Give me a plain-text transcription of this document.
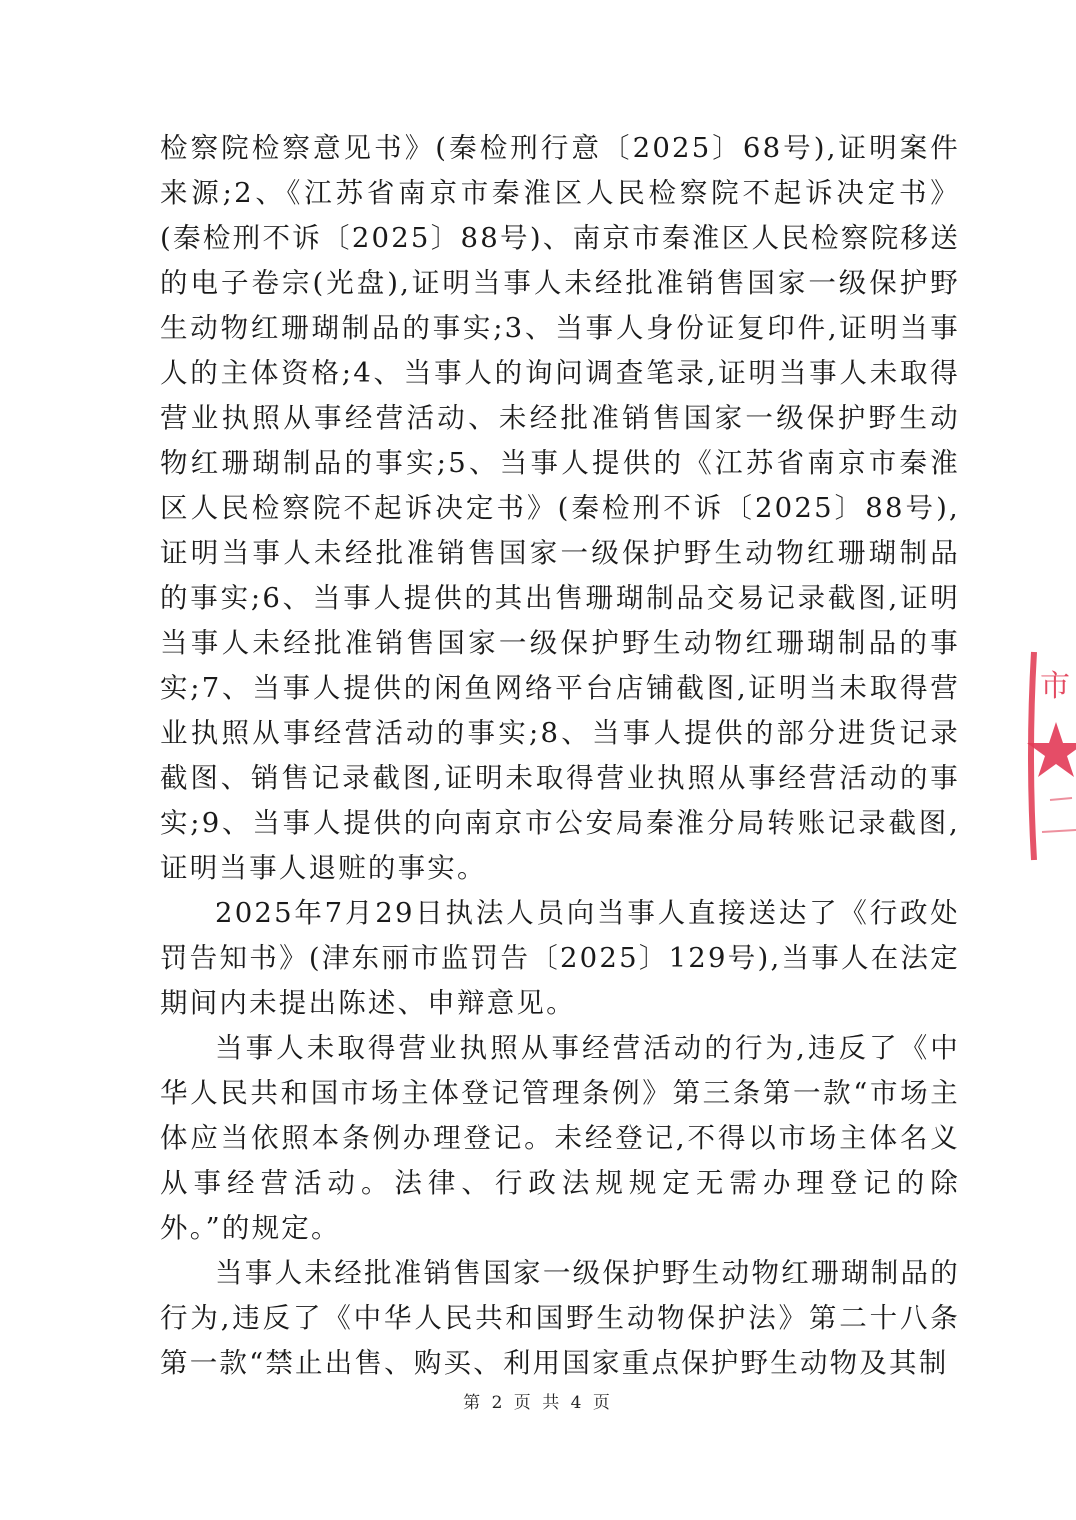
检察院检察意见书》(秦检刑行意〔2025〕68号),证明案件来源;2、《江苏省南京市秦淮区人民检察院不起诉决定书》(秦检刑不诉〔2025〕88号)、南京市秦淮区人民检察院移送的电子卷宗(光盘),证明当事人未经批准销售国家一级保护野生动物红珊瑚制品的事实;3、当事人身份证复印件,证明当事人的主体资格;4、当事人的询问调查笔录,证明当事人未取得营业执照从事经营活动、未经批准销售国家一级保护野生动物红珊瑚制品的事实;5、当事人提供的《江苏省南京市秦淮区人民检察院不起诉决定书》(秦检刑不诉〔2025〕88号),证明当事人未经批准销售国家一级保护野生动物红珊瑚制品的事实;6、当事人提供的其出售珊瑚制品交易记录截图,证明当事人未经批准销售国家一级保护野生动物红珊瑚制品的事实;7、当事人提供的闲鱼网络平台店铺截图,证明当未取得营业执照从事经营活动的事实;8、当事人提供的部分进货记录截图、销售记录截图,证明未取得营业执照从事经营活动的事实;9、当事人提供的向南京市公安局秦淮分局转账记录截图,证明当事人退赃的事实。

2025年7月29日执法人员向当事人直接送达了《行政处罚告知书》(津东丽市监罚告〔2025〕129号),当事人在法定期间内未提出陈述、申辩意见。

当事人未取得营业执照从事经营活动的行为,违反了《中华人民共和国市场主体登记管理条例》第三条第一款“市场主体应当依照本条例办理登记。未经登记,不得以市场主体名义从事经营活动。法律、行政法规规定无需办理登记的除外。”的规定。

当事人未经批准销售国家一级保护野生动物红珊瑚制品的行为,违反了《中华人民共和国野生动物保护法》第二十八条第一款“禁止出售、购买、利用国家重点保护野生动物及其制

市
第 2 页 共 4 页
